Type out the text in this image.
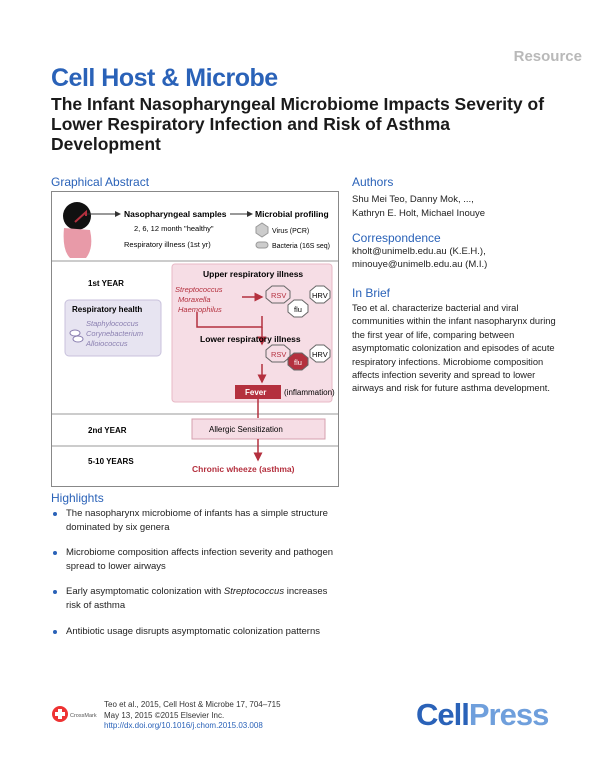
Resource
Cell Host & Microbe
The Infant Nasopharyngeal Microbiome Impacts Severity of Lower Respiratory Infection and Risk of Asthma Development
Graphical Abstract
Nasopharyngeal samples	Microbial profiling
2, 6, 12 month "healthy"
Respiratory illness (1st yr)
Virus (PCR)
Bacteria (16S seq)
1st YEAR
2nd YEAR
5-10 YEARS
Respiratory health
Staphylococcus
Corynebacterium
Alloiococcus
Upper respiratory illness
Streptococcus
Moraxella
Haemophilus
RSV
flu
HRV
Lower respiratory illness
RSV
flu
HRV
Fever (inflammation)
Allergic Sensitization
Chronic wheeze (asthma)
Authors
Shu Mei Teo, Danny Mok, ...,
Kathryn E. Holt, Michael Inouye
Correspondence
kholt@unimelb.edu.au (K.E.H.),
minouye@unimelb.edu.au (M.I.)
In Brief
Teo et al. characterize bacterial and viral communities within the infant nasopharynx during the first year of life, comparing between asymptomatic colonization and episodes of acute respiratory infections. Microbiome composition affects infection severity and spread to lower airways and risk for future asthma development.
Highlights
The nasopharynx microbiome of infants has a simple structure dominated by six genera
Microbiome composition affects infection severity and pathogen spread to lower airways
Early asymptomatic colonization with Streptococcus increases risk of asthma
Antibiotic usage disrupts asymptomatic colonization patterns
CrossMark
Teo et al., 2015, Cell Host & Microbe 17, 704–715
May 13, 2015 ©2015 Elsevier Inc.
http://dx.doi.org/10.1016/j.chom.2015.03.008	CellPress
